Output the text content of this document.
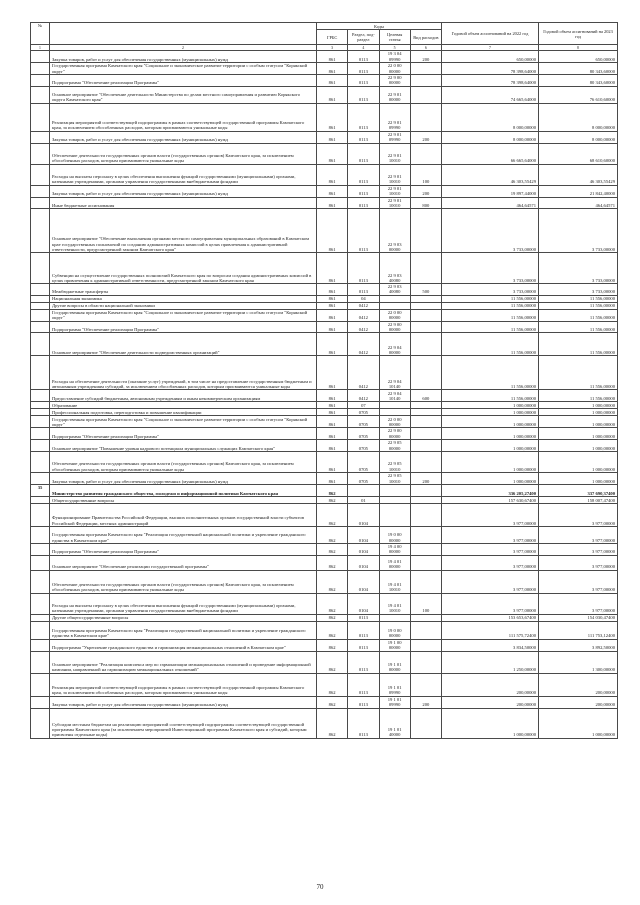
№		Коды				Годовой объем ассигнований на 2022 год	Годовой объем ассигнований на 2023 год
		ГРБС	Раздел, под-раздел	Целевая статья	Вид расходов		
1	2	3	4	5	6	7	8
	Закупка товаров, работ и услуг для обеспечения государственных (муниципальных) нужд	861	0113	19 3 04 09990	200	650,00000	650,00000
	Государственная программа Камчатского края "Социальное и экономическое развитие территории с особым статусом "Корякский округ"	861	0113	22 0 00 00000		78 398,64000	80 343,60000
	Подпрограмма "Обеспечение реализации Программы"	861	0113	22 9 00 00000		78 398,64000	80 343,60000
	Основное мероприятие "Обеспечение деятельности Министерства по делам местного самоуправления и развитию Корякского округа Камчатского края"	861	0113	22 9 01 00000		74 665,64000	76 610,60000
	Реализация мероприятий соответствующей подпрограммы в рамках соответствующей государственной программы Камчатского края, за исключением обособленных расходов, которым присваиваются уникальные коды	861	0113	22 9 01 09990		8 000,00000	8 000,00000
	Закупка товаров, работ и услуг для обеспечения государственных (муниципальных) нужд	861	0113	22 9 01 09990	200	8 000,00000	8 000,00000
	Обеспечение деятельности государственных органов власти (государственных органов) Камчатского края, за исключением обособленных расходов, которым присваиваются уникальные коды	861	0113	22 9 01 10010		66 665,64000	68 610,60000
	Расходы на выплаты персоналу в целях обеспечения выполнения функций государственными (муниципальными) органами, казенными учреждениями, органами управления государственными внебюджетными фондами	861	0113	22 9 01 10010	100	46 303,55429	46 303,55429
	Закупка товаров, работ и услуг для обеспечения государственных (муниципальных) нужд	861	0113	22 9 01 10010	200	19 897,44000	21 842,40000
	Иные бюджетные ассигнования	861	0113	22 9 01 10010	800	464,64571	464,64571
	Основное мероприятие "Обеспечение выполнения органами местного самоуправления муниципальных образований в Камчатском крае государственных полномочий по созданию административных комиссий в целях привлечения к административной ответственности, предусмотренной законом Камчатского края"	861	0113	22 9 03 00000		3 733,00000	3 733,00000
	Субвенции на осуществление государственных полномочий Камчатского края по вопросам создания административных комиссий в целях привлечения к административной ответственности, предусмотренной законом Камчатского края	861	0113	22 9 03 40080		3 733,00000	3 733,00000
	Межбюджетные трансферты	861	0113	22 9 03 40080	500	3 733,00000	3 733,00000
	Национальная экономика	861	04			11 556,00000	11 556,00000
	Другие вопросы в области национальной экономики	861	0412			11 556,00000	11 556,00000
	Государственная программа Камчатского края "Социальное и экономическое развитие территории с особым статусом "Корякский округ"	861	0412	22 0 00 00000		11 556,00000	11 556,00000
	Подпрограмма "Обеспечение реализации Программы"	861	0412	22 9 00 00000		11 556,00000	11 556,00000
	Основное мероприятие "Обеспечение деятельности подведомственных организаций"	861	0412	22 9 04 00000		11 556,00000	11 556,00000
	Расходы на обеспечение деятельности (оказание услуг) учреждений, в том числе на предоставление государственным бюджетным и автономным учреждениям субсидий, за исключением обособленных расходов, которым присваиваются уникальные коды	861	0412	22 9 04 10140		11 556,00000	11 556,00000
	Предоставление субсидий бюджетным, автономным учреждениям и иным некоммерческим организациям	861	0412	22 9 04 10140	600	11 556,00000	11 556,00000
	Образование	861	07			1 000,00000	1 000,00000
	Профессиональная подготовка, переподготовка и повышение квалификации	861	0705			1 000,00000	1 000,00000
	Государственная программа Камчатского края "Социальное и экономическое развитие территории с особым статусом "Корякский округ"	861	0705	22 0 00 00000		1 000,00000	1 000,00000
	Подпрограмма "Обеспечение реализации Программы"	861	0705	22 9 00 00000		1 000,00000	1 000,00000
	Основное мероприятие "Повышение уровня кадрового потенциала муниципальных служащих Камчатского края"	861	0705	22 9 05 00000		1 000,00000	1 000,00000
	Обеспечение деятельности государственных органов власти (государственных органов) Камчатского края, за исключением обособленных расходов, которым присваиваются уникальные коды	861	0705	22 9 05 10010		1 000,00000	1 000,00000
	Закупка товаров, работ и услуг для обеспечения государственных (муниципальных) нужд	861	0705	22 9 05 10010	200	1 000,00000	1 000,00000
35	Министерство развития гражданского общества, молодежи и информационной политики Камчатского края	862				336 205,27400	337 690,37400
	Общегосударственные вопросы	862	01			157 630,67400	158 007,47400
	Функционирование Правительства Российской Федерации, высших исполнительных органов государственной власти субъектов Российской Федерации, местных администраций	862	0104			3 977,00000	3 977,00000
	Государственная программа Камчатского края "Реализация государственной национальной политики и укрепление гражданского единства в Камчатском крае"	862	0104	19 0 00 00000		3 977,00000	3 977,00000
	Подпрограмма "Обеспечение реализации Программы"	862	0104	19 4 00 00000		3 977,00000	3 977,00000
	Основное мероприятие "Обеспечение реализации государственной программы"	862	0104	19 4 01 00000		3 977,00000	3 977,00000
	Обеспечение деятельности государственных органов власти (государственных органов) Камчатского края, за исключением обособленных расходов, которым присваиваются уникальные коды	862	0104	19 4 01 10010		3 977,00000	3 977,00000
	Расходы на выплаты персоналу в целях обеспечения выполнения функций государственными (муниципальными) органами, казенными учреждениями, органами управления государственными внебюджетными фондами	862	0104	19 4 01 10010	100	3 977,00000	3 977,00000
	Другие общегосударственные вопросы	862	0113			153 653,67400	154 030,47400
	Государственная программа Камчатского края "Реализация государственной национальной политики и укрепление гражданского единства в Камчатском крае"	862	0113	19 0 00 00000		111 575,72400	111 753,12400
	Подпрограмма "Укрепление гражданского единства и гармонизация межнациональных отношений в Камчатском крае"	862	0113	19 1 00 00000		3 834,50000	3 892,50000
	Основное мероприятие "Реализация комплекса мер по гармонизации межнациональных отношений и проведение информационной кампании, направленной на гармонизацию межнациональных отношений"	862	0113	19 1 01 00000		1 250,00000	1 300,00000
	Реализация мероприятий соответствующей подпрограммы в рамках соответствующей государственной программы Камчатского края, за исключением обособленных расходов, которым присваиваются уникальные коды	862	0113	19 1 01 09990		200,00000	200,00000
	Закупка товаров, работ и услуг для обеспечения государственных (муниципальных) нужд	862	0113	19 1 01 09990	200	200,00000	200,00000
	Субсидии местным бюджетам на реализацию мероприятий соответствующей подпрограммы соответствующей государственной программы Камчатского края (за исключением мероприятий Инвестиционной программы Камчатского края и субсидий, которым присвоены отдельные коды)	862	0113	19 1 01 40000		1 000,00000	1 000,00000
70
